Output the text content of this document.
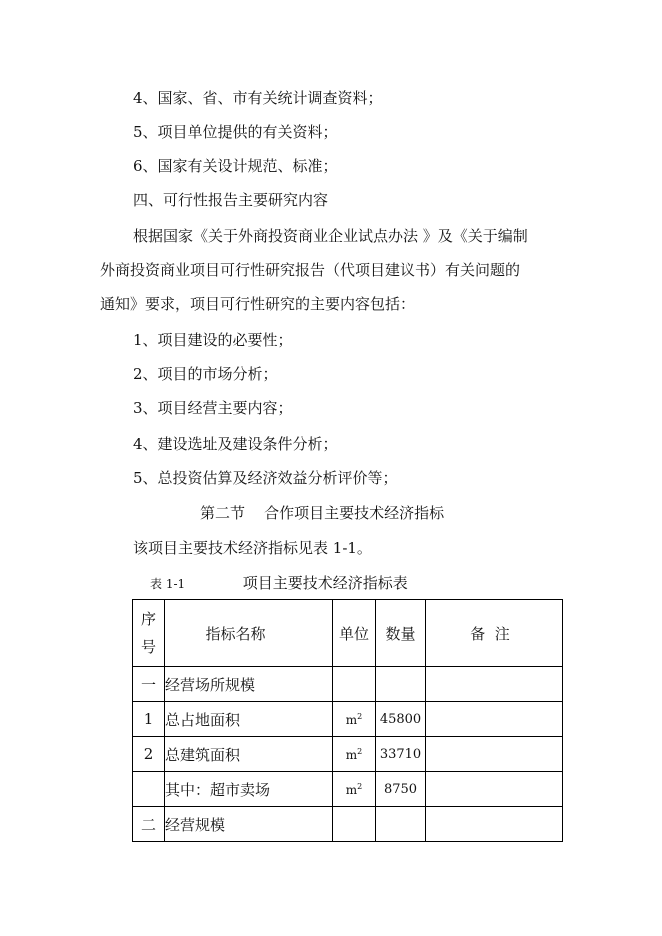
4、国家、省、市有关统计调查资料；
5、项目单位提供的有关资料；
6、国家有关设计规范、标准；
四、可行性报告主要研究内容
根据国家《关于外商投资商业企业试点办法 》及《关于编制
外商投资商业项目可行性研究报告（代项目建议书）有关问题的
通知》要求，项目可行性研究的主要内容包括：
1、项目建设的必要性；
2、项目的市场分析；
3、项目经营主要内容；
4、建设选址及建设条件分析；
5、总投资估算及经济效益分析评价等；
第二节    合作项目主要技术经济指标
该项目主要技术经济指标见表 1-1。
表 1-1	项目主要技术经济指标表
序
号	指标名称	单位	数量	备  注
一	经营场所规模			
1	总占地面积	$m^2$	45800	
2	总建筑面积	$m^2$	33710	
	其中：超市卖场	$m^2$	8750	
二	经营规模			
